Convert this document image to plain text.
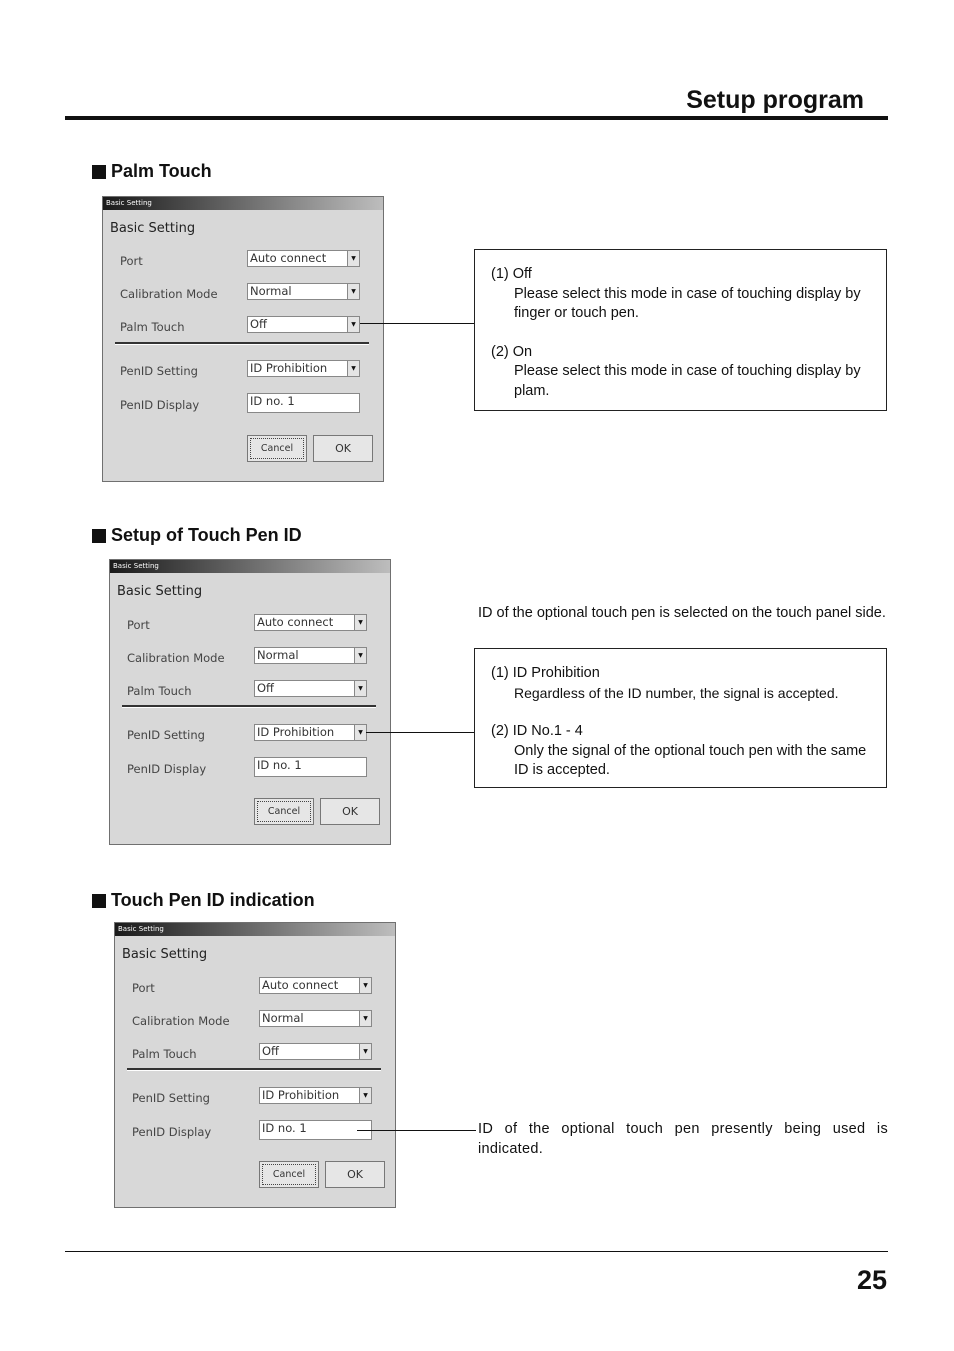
Setup program
Palm Touch
Basic Setting
Basic Setting
Port	Auto connect	▼
Calibration Mode	Normal	▼
Palm Touch	Off	▼
PenID Setting	ID Prohibition	▼
PenID Display	ID no. 1
Cancel	OK
(1) Off
Please select this mode in case of touching display by finger or touch pen.
(2) On
Please select this mode in case of touching display by plam.
Setup of Touch Pen ID
Basic Setting
Basic Setting
Port	Auto connect	▼
Calibration Mode	Normal	▼
Palm Touch	Off	▼
PenID Setting	ID Prohibition	▼
PenID Display	ID no. 1
Cancel	OK
ID of the optional touch pen is selected on the touch panel side.
(1) ID Prohibition
Regardless of the ID number, the signal is accepted.
(2) ID No.1 - 4
Only the signal of the optional touch pen with the same ID is accepted.
Touch Pen ID indication
Basic Setting
Basic Setting
Port	Auto connect	▼
Calibration Mode	Normal	▼
Palm Touch	Off	▼
PenID Setting	ID Prohibition	▼
PenID Display	ID no. 1
Cancel	OK
ID of the optional touch pen presently being used is indicated.
25
